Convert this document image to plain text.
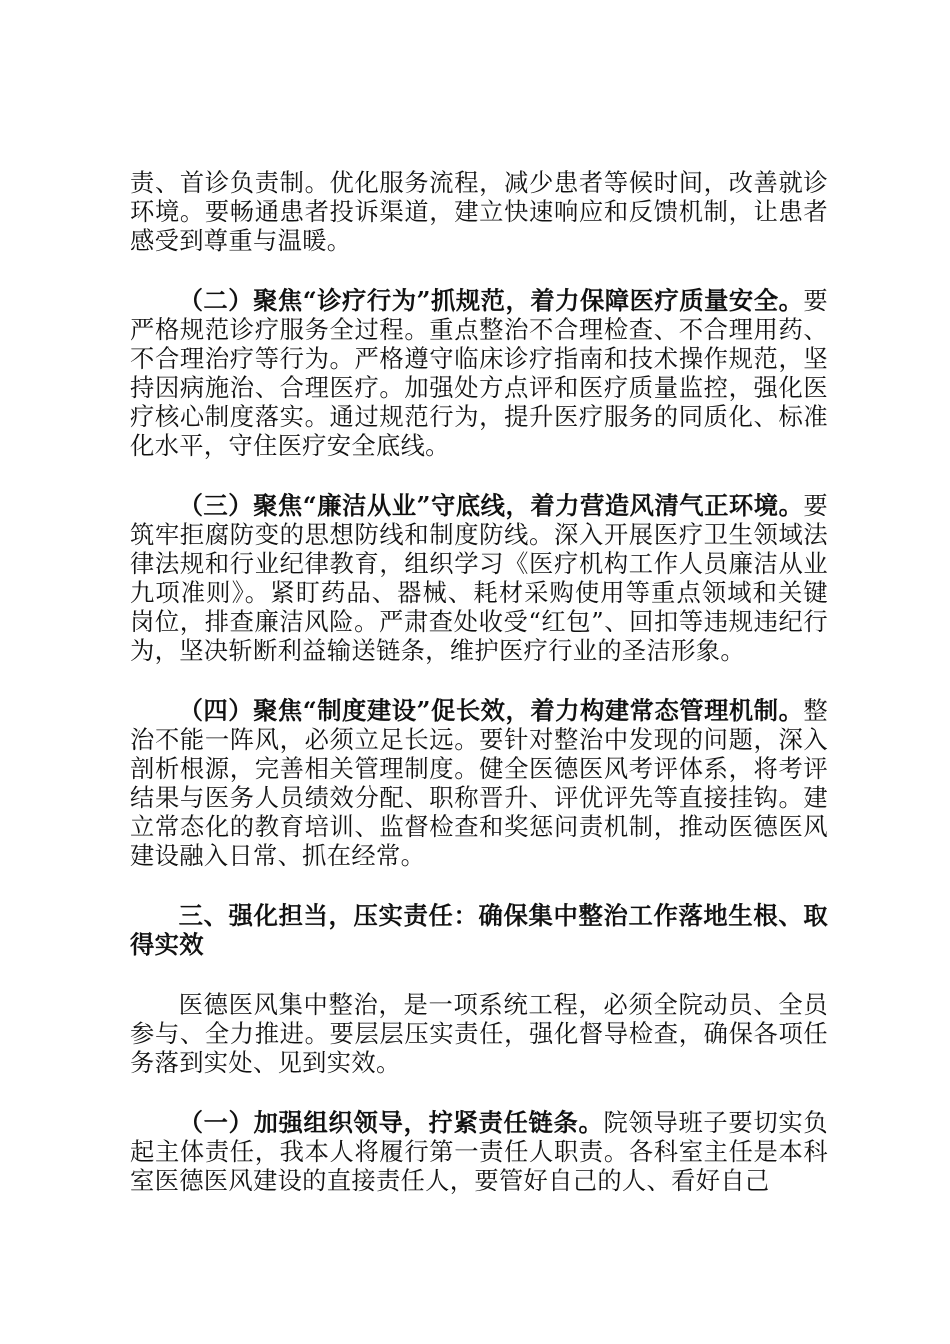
责、首诊负责制。优化服务流程，减少患者等候时间，改善就诊环境。要畅通患者投诉渠道，建立快速响应和反馈机制，让患者感受到尊重与温暖。

（二）聚焦“诊疗行为”抓规范，着力保障医疗质量安全。要严格规范诊疗服务全过程。重点整治不合理检查、不合理用药、不合理治疗等行为。严格遵守临床诊疗指南和技术操作规范，坚持因病施治、合理医疗。加强处方点评和医疗质量监控，强化医疗核心制度落实。通过规范行为，提升医疗服务的同质化、标准化水平，守住医疗安全底线。

（三）聚焦“廉洁从业”守底线，着力营造风清气正环境。要筑牢拒腐防变的思想防线和制度防线。深入开展医疗卫生领域法律法规和行业纪律教育，组织学习《医疗机构工作人员廉洁从业九项准则》。紧盯药品、器械、耗材采购使用等重点领域和关键岗位，排查廉洁风险。严肃查处收受“红包”、回扣等违规违纪行为，坚决斩断利益输送链条，维护医疗行业的圣洁形象。

（四）聚焦“制度建设”促长效，着力构建常态管理机制。整治不能一阵风，必须立足长远。要针对整治中发现的问题，深入剖析根源，完善相关管理制度。健全医德医风考评体系，将考评结果与医务人员绩效分配、职称晋升、评优评先等直接挂钩。建立常态化的教育培训、监督检查和奖惩问责机制，推动医德医风建设融入日常、抓在经常。

三、强化担当，压实责任：确保集中整治工作落地生根、取得实效

医德医风集中整治，是一项系统工程，必须全院动员、全员参与、全力推进。要层层压实责任，强化督导检查，确保各项任务落到实处、见到实效。

（一）加强组织领导，拧紧责任链条。院领导班子要切实负起主体责任，我本人将履行第一责任人职责。各科室主任是本科室医德医风建设的直接责任人，要管好自己的人、看好自己
